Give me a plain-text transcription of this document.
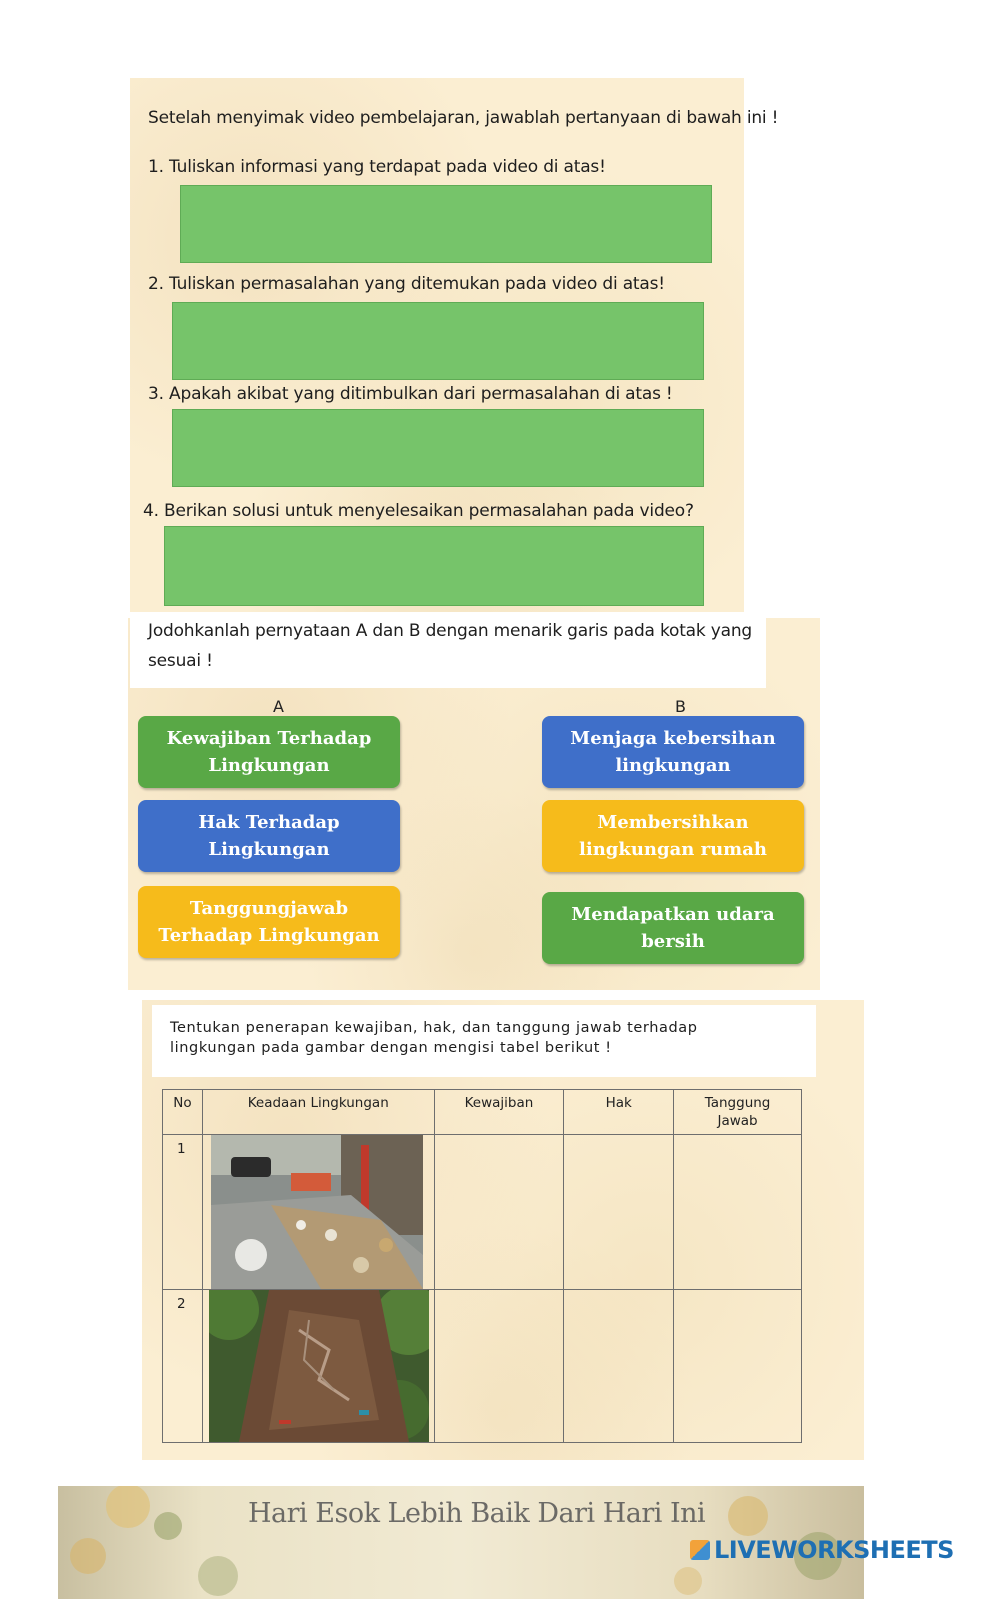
Setelah menyimak video pembelajaran, jawablah pertanyaan di bawah ini !
1. Tuliskan informasi yang terdapat pada video di atas!
2. Tuliskan permasalahan yang ditemukan pada video di atas!
3. Apakah akibat yang ditimbulkan dari permasalahan di atas !
4. Berikan solusi untuk menyelesaikan permasalahan pada video?
Jodohkanlah pernyataan A dan B dengan menarik garis pada kotak yang
sesuai !
A	B
Kewajiban Terhadap
Lingkungan
Hak Terhadap
Lingkungan
Tanggungjawab
Terhadap Lingkungan
Menjaga kebersihan
lingkungan
Membersihkan
lingkungan rumah
Mendapatkan udara
bersih
Tentukan penerapan kewajiban, hak, dan tanggung jawab terhadap
lingkungan pada gambar dengan mengisi tabel berikut !
No	Keadaan Lingkungan	Kewajiban	Hak	Tanggung
Jawab
1	

2	

Hari Esok Lebih Baik Dari Hari Ini
LIVEWORKSHEETS
